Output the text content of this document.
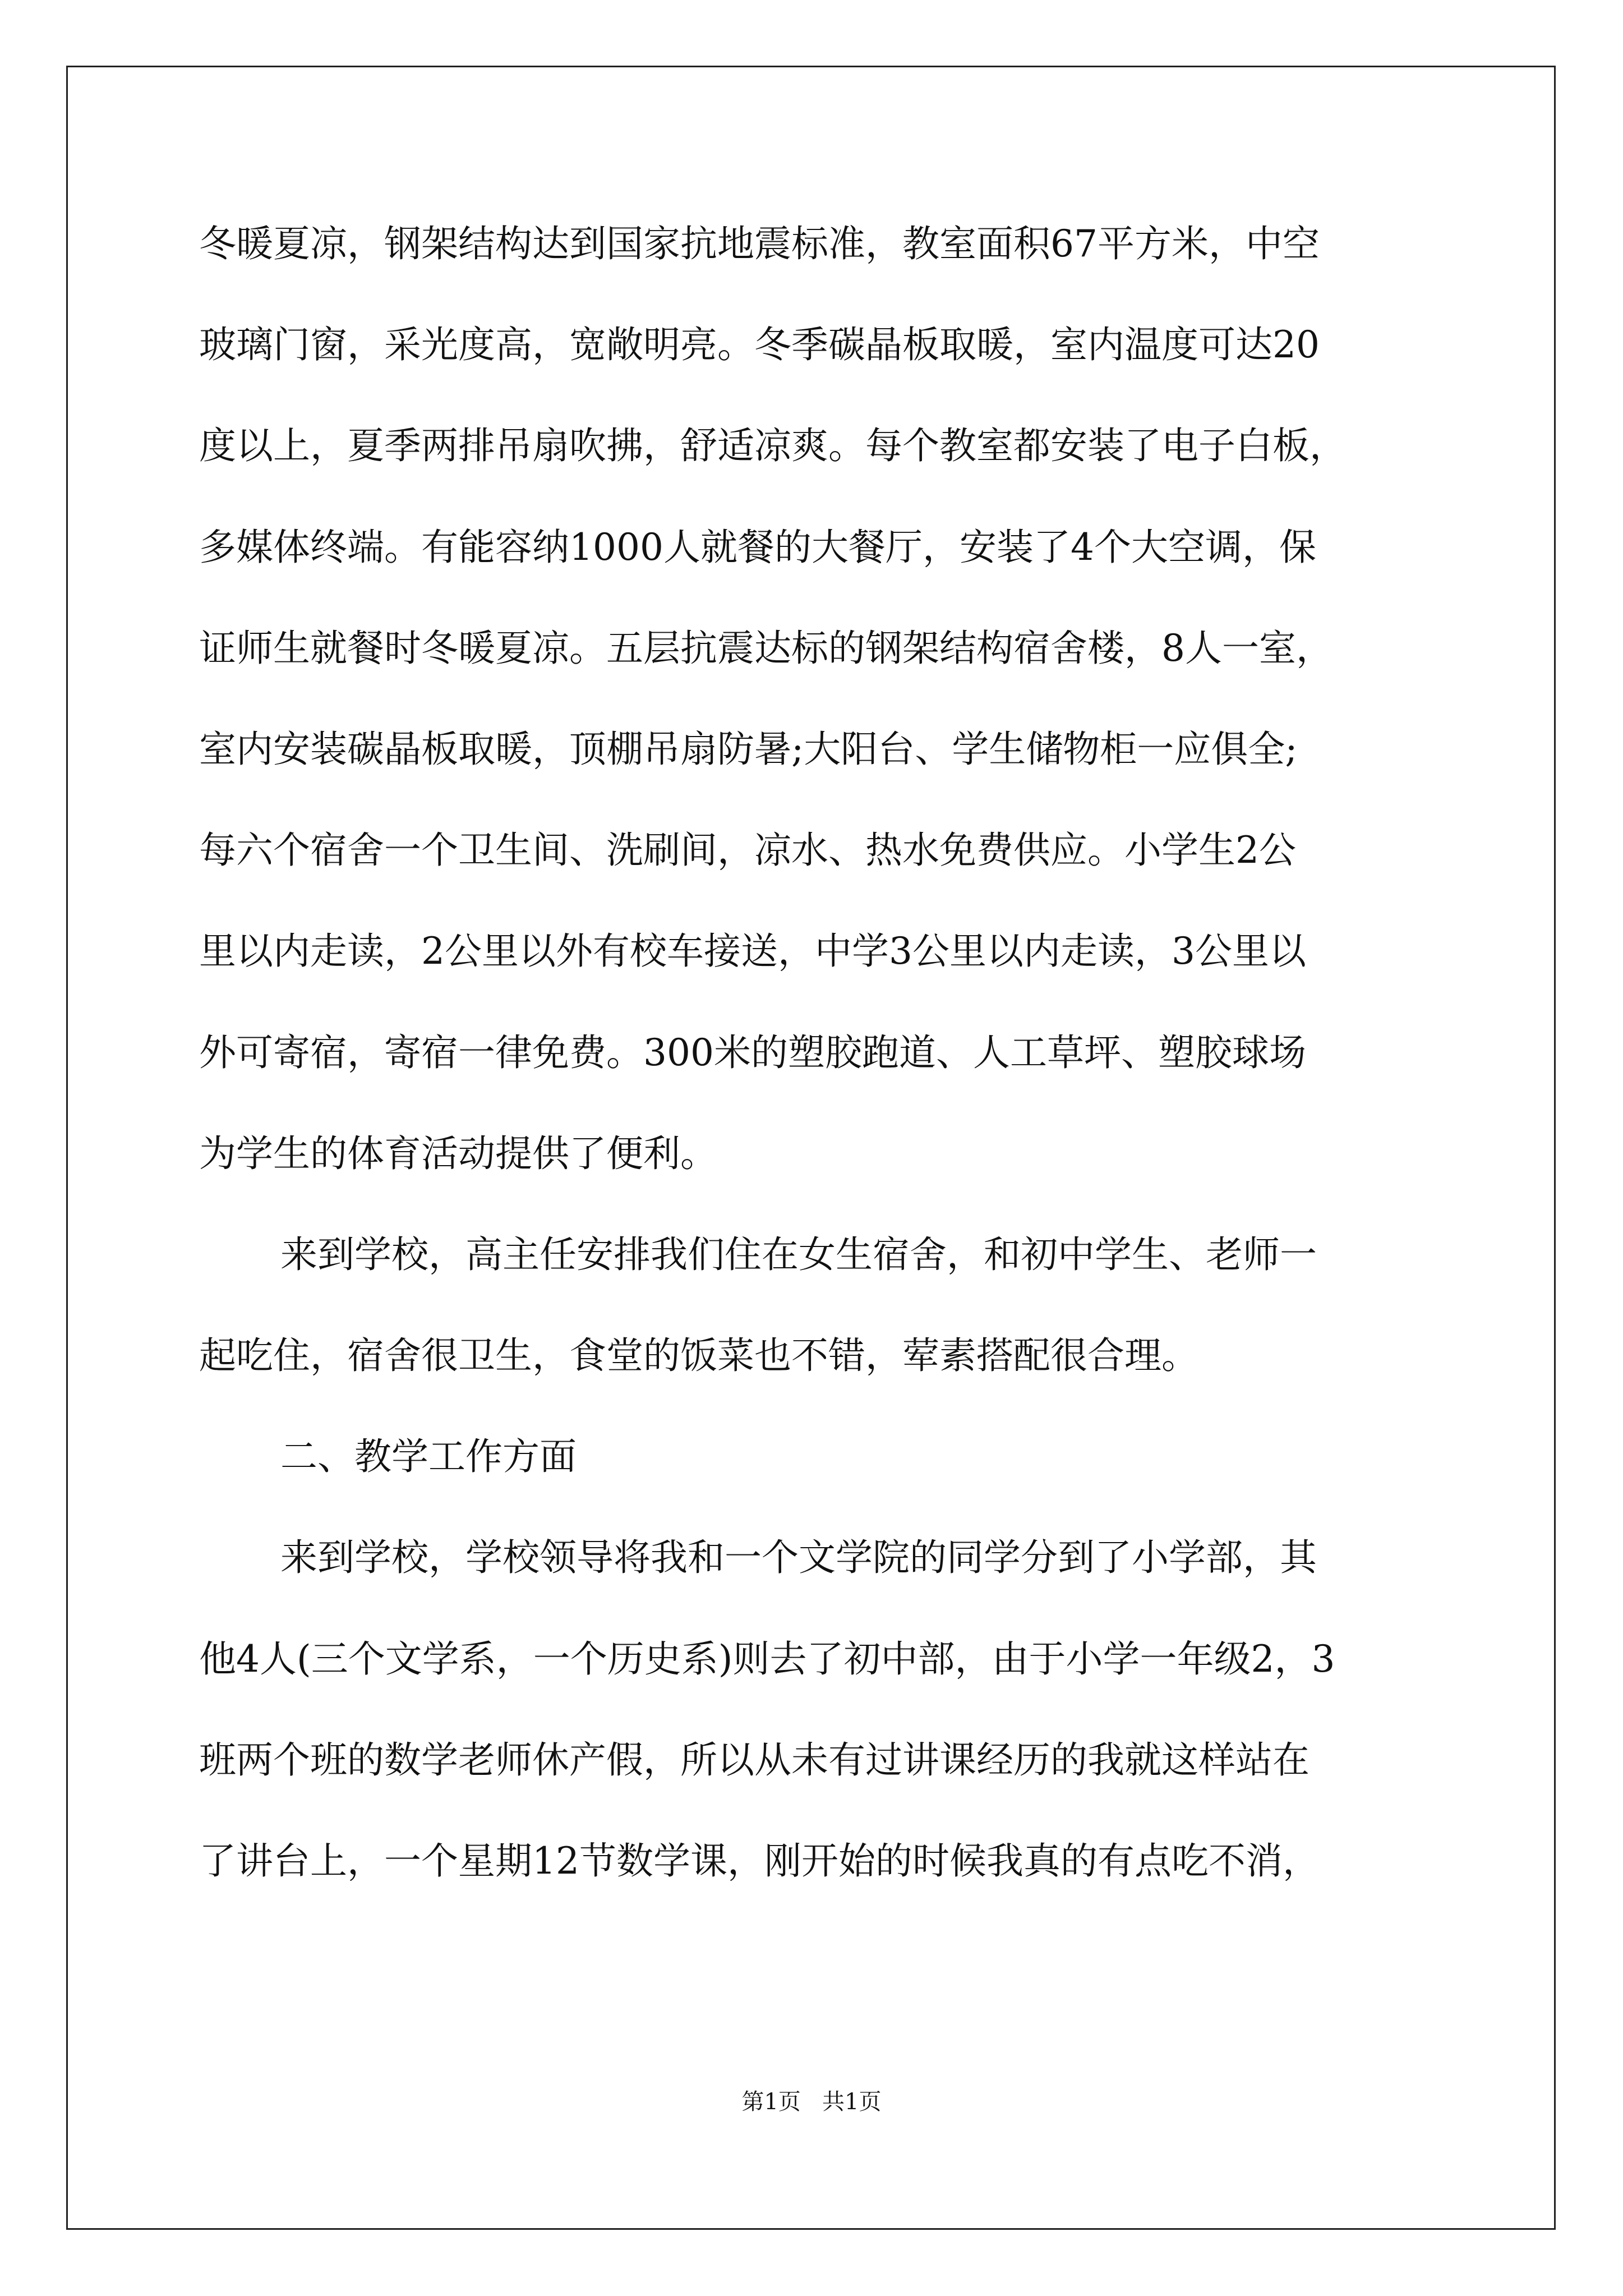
冬暖夏凉，钢架结构达到国家抗地震标准，教室面积67平方米，中空
玻璃门窗，采光度高，宽敞明亮。冬季碳晶板取暖，室内温度可达20
度以上，夏季两排吊扇吹拂，舒适凉爽。每个教室都安装了电子白板，
多媒体终端。有能容纳1000人就餐的大餐厅，安装了4个大空调，保
证师生就餐时冬暖夏凉。五层抗震达标的钢架结构宿舍楼，8人一室，
室内安装碳晶板取暖，顶棚吊扇防暑;大阳台、学生储物柜一应俱全;
每六个宿舍一个卫生间、洗刷间，凉水、热水免费供应。小学生2公
里以内走读，2公里以外有校车接送，中学3公里以内走读，3公里以
外可寄宿，寄宿一律免费。300米的塑胶跑道、人工草坪、塑胶球场
为学生的体育活动提供了便利。
来到学校，高主任安排我们住在女生宿舍，和初中学生、老师一
起吃住，宿舍很卫生，食堂的饭菜也不错，荤素搭配很合理。
二、教学工作方面
来到学校，学校领导将我和一个文学院的同学分到了小学部，其
他4人(三个文学系，一个历史系)则去了初中部，由于小学一年级2，3
班两个班的数学老师休产假，所以从未有过讲课经历的我就这样站在
了讲台上，一个星期12节数学课，刚开始的时候我真的有点吃不消，
第1页   共1页
